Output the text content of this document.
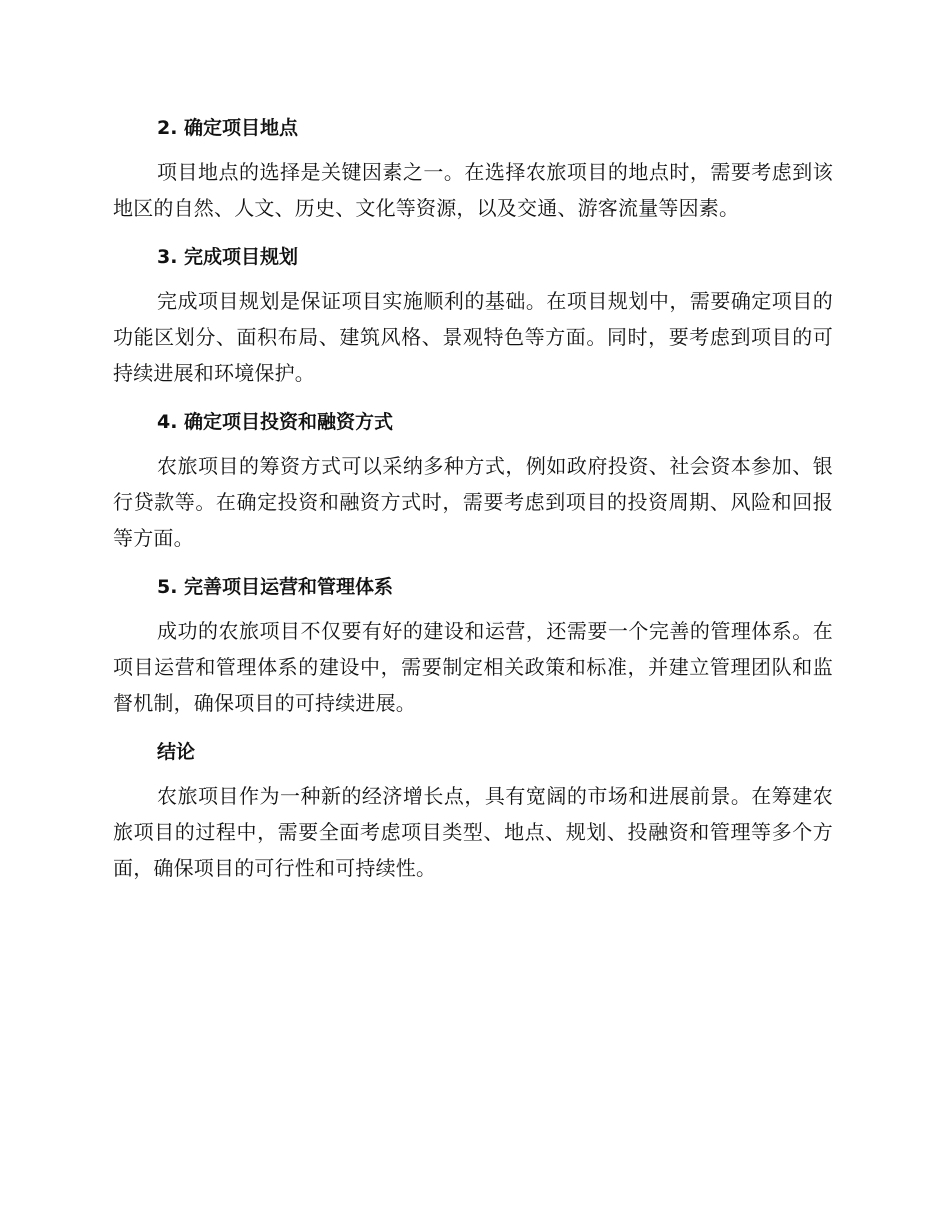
2. 确定项目地点

项目地点的选择是关键因素之一。在选择农旅项目的地点时，需要考虑到该地区的自然、人文、历史、文化等资源，以及交通、游客流量等因素。

3. 完成项目规划

完成项目规划是保证项目实施顺利的基础。在项目规划中，需要确定项目的功能区划分、面积布局、建筑风格、景观特色等方面。同时，要考虑到项目的可持续进展和环境保护。

4. 确定项目投资和融资方式

农旅项目的筹资方式可以采纳多种方式，例如政府投资、社会资本参加、银行贷款等。在确定投资和融资方式时，需要考虑到项目的投资周期、风险和回报等方面。

5. 完善项目运营和管理体系

成功的农旅项目不仅要有好的建设和运营，还需要一个完善的管理体系。在项目运营和管理体系的建设中，需要制定相关政策和标准，并建立管理团队和监督机制，确保项目的可持续进展。

结论

农旅项目作为一种新的经济增长点，具有宽阔的市场和进展前景。在筹建农旅项目的过程中，需要全面考虑项目类型、地点、规划、投融资和管理等多个方面，确保项目的可行性和可持续性。
